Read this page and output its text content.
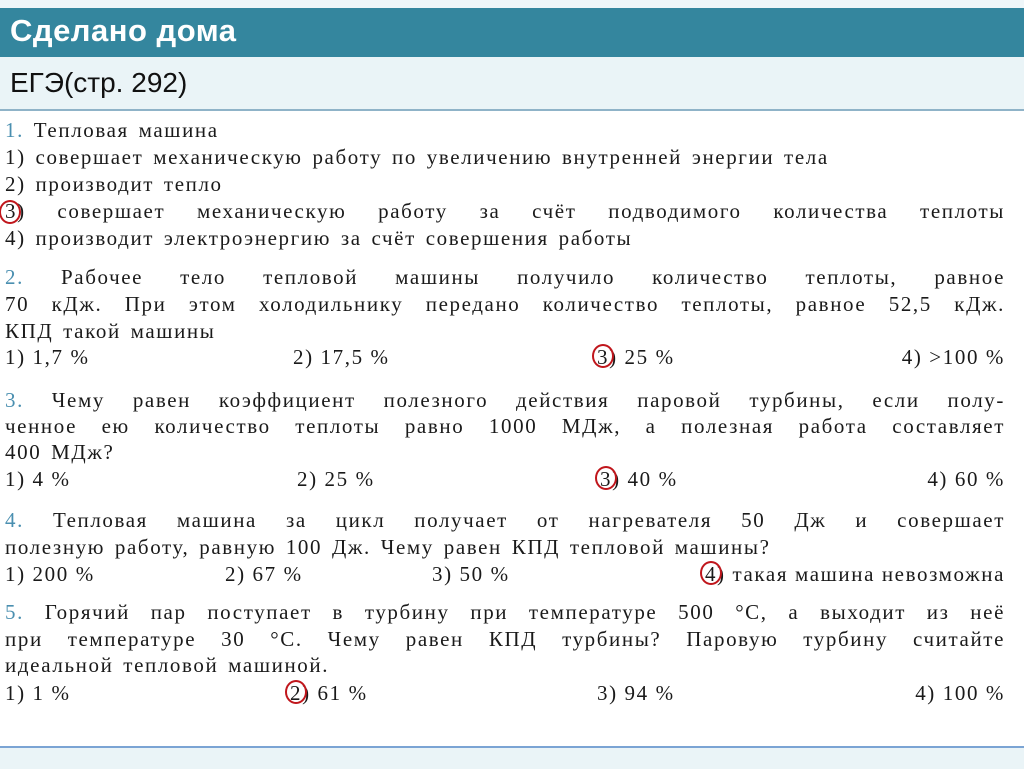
Сделано дома
ЕГЭ(стр. 292)
1. Тепловая машина
1) совершает механическую работу по увеличению внутренней энергии тела
2) производит тепло
3) совершает механическую работу за счёт подводимого количества теплоты
4) производит электроэнергию за счёт совершения работы
2. Рабочее тело тепловой машины получило количество теплоты, равное
70 кДж. При этом холодильнику передано количество теплоты, равное 52,5 кДж.
КПД такой машины
1) 1,7 %	2) 17,5 %	3) 25 %	4) >100 %
3. Чему равен коэффициент полезного действия паровой турбины, если полу-
ченное ею количество теплоты равно 1000 МДж, а полезная работа составляет
400 МДж?
1) 4 %	2) 25 %	3) 40 %	4) 60 %
4. Тепловая машина за цикл получает от нагревателя 50 Дж и совершает
полезную работу, равную 100 Дж. Чему равен КПД тепловой машины?
1) 200 %	2) 67 %	3) 50 %	4) такая машина невозможна
5. Горячий пар поступает в турбину при температуре 500 °С, а выходит из неё
при температуре 30 °С. Чему равен КПД турбины? Паровую турбину считайте
идеальной тепловой машиной.
1) 1 %	2) 61 %	3) 94 %	4) 100 %
